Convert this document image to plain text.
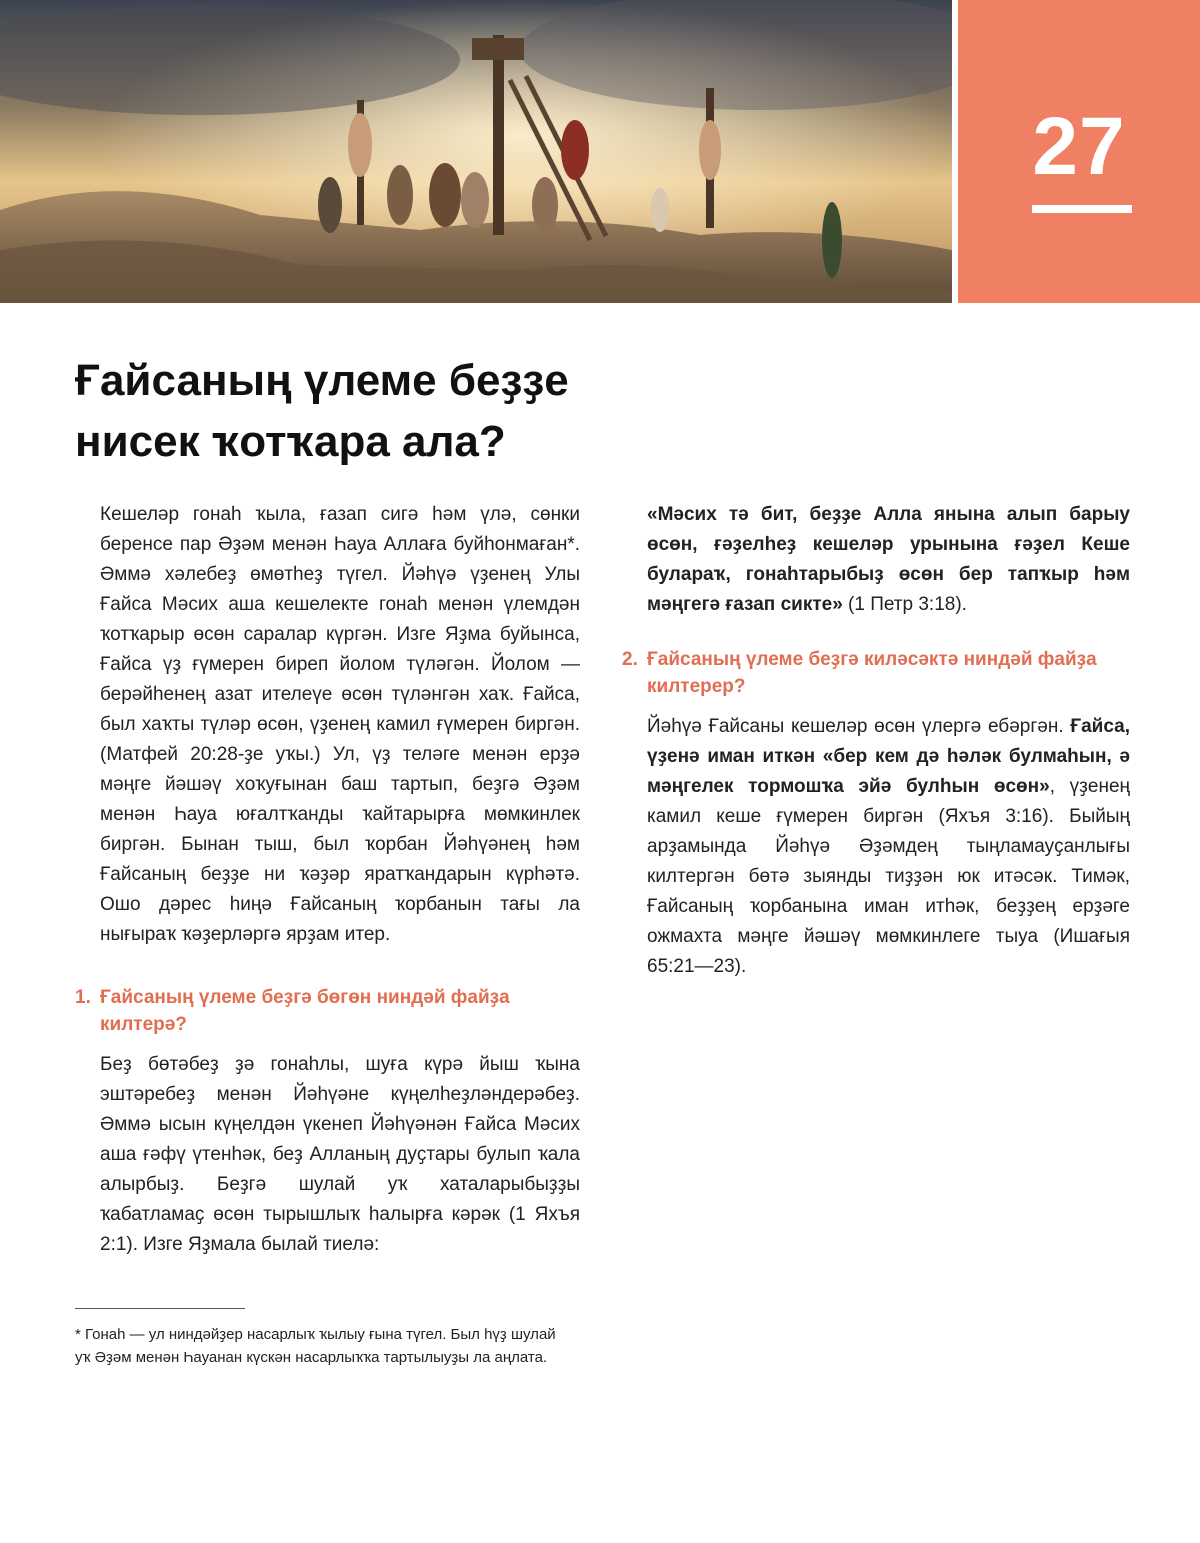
27
Ғайсаның үлеме беҙҙе нисек ҡотҡара ала?

Кешеләр гонаһ ҡыла, ғазап сигә һәм үлә, сөнки беренсе пар Әҙәм менән Һауа Аллаға буйһонмаған*. Әммә хәлебеҙ өмөтһеҙ түгел. Йәһүә үҙенең Улы Ғайса Мәсих аша кешелекте гонаһ менән үлемдән ҡотҡарыр өсөн саралар күргән. Изге Яҙма буйынса, Ғайса үҙ ғүмерен биреп йолом түләгән. Йолом — берәйһенең азат ителеүе өсөн түләнгән хаҡ. Ғайса, был хаҡты түләр өсөн, үҙенең камил ғүмерен биргән. (Матфей 20:28-ҙе уҡы.) Ул, үҙ теләге менән ерҙә мәңге йәшәү хоҡуғынан баш тартып, беҙгә Әҙәм менән Һауа юғалтҡанды ҡайтарырға мөмкинлек биргән. Бынан тыш, был ҡорбан Йәһүәнең һәм Ғайсаның беҙҙе ни ҡәҙәр яратҡандарын күрһәтә. Ошо дәрес һиңә Ғайсаның ҡорбанын тағы ла нығыраҡ ҡәҙерләргә ярҙам итер.

1. Ғайсаның үлеме беҙгә бөгөн ниндәй файҙа килтерә?

Беҙ бөтәбеҙ ҙә гонаһлы, шуға күрә йыш ҡына эштәребеҙ менән Йәһүәне күңелһеҙләндерәбеҙ. Әммә ысын күңелдән үкенеп Йәһүәнән Ғайса Мәсих аша ғәфү үтенһәк, беҙ Алланың дуҫтары булып ҡала алырбыҙ. Беҙгә шулай уҡ хаталарыбыҙҙы ҡабатламаҫ өсөн тырышлыҡ һалырға кәрәк (1 Яхъя 2:1). Изге Яҙмала былай тиелә:

«Мәсих тә бит, беҙҙе Алла янына алып барыу өсөн, ғәҙелһеҙ кешеләр урынына ғәҙел Кеше булараҡ, гонаһтарыбыҙ өсөн бер тапҡыр һәм мәңгегә ғазап сикте» (1 Петр 3:18).

2. Ғайсаның үлеме беҙгә киләсәктә ниндәй файҙа килтерер?

Йәһүә Ғайсаны кешеләр өсөн үлергә ебәргән. Ғайса, үҙенә иман иткән «бер кем дә һәләк булмаһын, ә мәңгелек тормошҡа эйә булһын өсөн», үҙенең камил кеше ғүмерен биргән (Яхъя 3:16). Быйың арҙамында Йәһүә Әҙәмдең тыңламауҫанлығы килтергән бөтә зыянды тиҙҙән юк итәсәк. Тимәк, Ғайсаның ҡорбанына иман итһәк, беҙҙең ерҙәге ожмахта мәңге йәшәү мөмкинлеге тыуа (Ишағыя 65:21—23).

* Гонаһ — ул ниндәйҙер насарлыҡ ҡылыу ғына түгел. Был һүҙ шулай уҡ Әҙәм менән Һауанан күскән насарлыҡҡа тартылыуҙы ла аңлата.
